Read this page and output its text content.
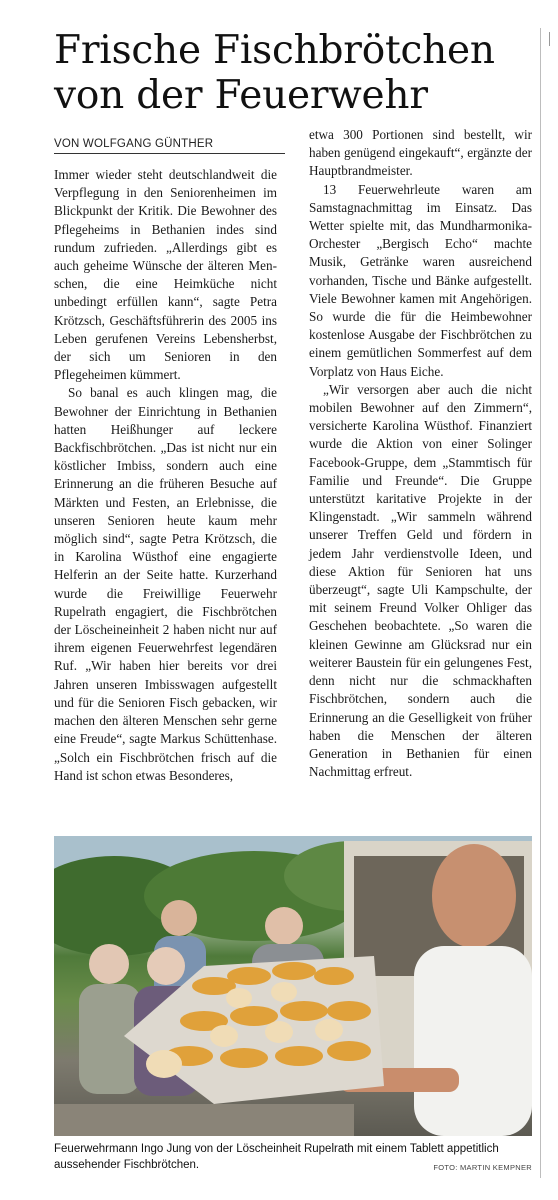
Frische Fischbrötchen von der Feuerwehr
VON WOLFGANG GÜNTHER

Immer wieder steht deutschlandweit die Verpflegung in den Seniorenheimen im Blickpunkt der Kritik. Die Bewohner des Pflegeheims in Bethanien indes sind rundum zufrieden. „Allerdings gibt es auch geheime Wünsche der älteren Menschen, die eine Heimküche nicht unbedingt erfüllen kann“, sagte Petra Krötzsch, Geschäftsführerin des 2005 ins Leben gerufenen Vereins Lebensherbst, der sich um Senioren in den Pflegeheimen kümmert.

So banal es auch klingen mag, die Bewohner der Einrichtung in Bethanien hatten Heißhunger auf leckere Backfischbrötchen. „Das ist nicht nur ein köstlicher Imbiss, sondern auch eine Erinnerung an die früheren Besuche auf Märkten und Festen, an Erlebnisse, die unseren Senioren heute kaum mehr möglich sind“, sagte Petra Krötzsch, die in Karolina Wüsthof eine engagierte Helferin an der Seite hatte. Kurzerhand wurde die Freiwillige Feuerwehr Rupelrath engagiert, die Fischbrötchen der Löscheineinheit 2 haben nicht nur auf ihrem eigenen Feuerwehrfest legendären Ruf. „Wir haben hier bereits vor drei Jahren unseren Imbisswagen aufgestellt und für die Senioren Fisch gebacken, wir machen den älteren Menschen sehr gerne eine Freude“, sagte Markus Schüttenhase. „Solch ein Fischbrötchen frisch auf die Hand ist schon etwas Besonderes,

etwa 300 Portionen sind bestellt, wir haben genügend eingekauft“, ergänzte der Hauptbrandmeister.

13 Feuerwehrleute waren am Samstagnachmittag im Einsatz. Das Wetter spielte mit, das Mundharmonika-Orchester „Bergisch Echo“ machte Musik, Getränke waren ausreichend vorhanden, Tische und Bänke aufgestellt. Viele Bewohner kamen mit Angehörigen. So wurde die für die Heimbewohner kostenlose Ausgabe der Fischbrötchen zu einem gemütlichen Sommerfest auf dem Vorplatz von Haus Eiche.

„Wir versorgen aber auch die nicht mobilen Bewohner auf den Zimmern“, versicherte Karolina Wüsthof. Finanziert wurde die Aktion von einer Solinger Facebook-Gruppe, dem „Stammtisch für Familie und Freunde“. Die Gruppe unterstützt karitative Projekte in der Klingenstadt. „Wir sammeln während unserer Treffen Geld und fördern in jedem Jahr verdienstvolle Ideen, und diese Aktion für Senioren hat uns überzeugt“, sagte Uli Kampschulte, der mit seinem Freund Volker Ohliger das Geschehen beobachtete. „So waren die kleinen Gewinne am Glücksrad nur ein weiterer Baustein für ein gelungenes Fest, denn nicht nur die schmackhaften Fischbrötchen, sondern auch die Erinnerung an die Geselligkeit von früher haben die Menschen der älteren Generation in Bethanien für einen Nachmittag erfreut.

Feuerwehrmann Ingo Jung von der Löscheinheit Rupelrath mit einem Tablett appetitlich aussehender Fischbrötchen.	FOTO: MARTIN KEMPNER
